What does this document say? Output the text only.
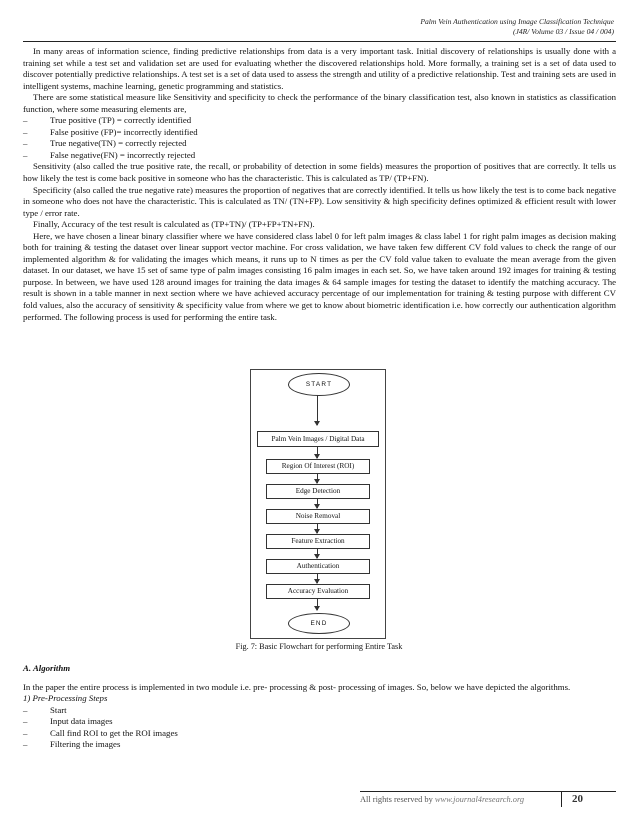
Palm Vein Authentication using Image Classification Technique
(J4R/ Volume 03 / Issue 04 / 004)

In many areas of information science, finding predictive relationships from data is a very important task. Initial discovery of relationships is usually done with a training set while a test set and validation set are used for evaluating whether the discovered relationships hold. More formally, a training set is a set of data used to discover potentially predictive relationships. A test set is a set of data used to assess the strength and utility of a predictive relationship. Test and training sets are used in intelligent systems, machine learning, genetic programming and statistics.

There are some statistical measure like Sensitivity and specificity to check the performance of the binary classification test, also known in statistics as classification function, where some measuring elements are,

–	True positive (TP) = correctly identified
–	False positive (FP)= incorrectly identified
–	True negative(TN) = correctly rejected
–	False negative(FN) = incorrectly rejected

Sensitivity (also called the true positive rate, the recall, or probability of detection in some fields) measures the proportion of positives that are correctly. It tells us how likely the test is come back positive in someone who has the characteristic. This is calculated as TP/ (TP+FN).

Specificity (also called the true negative rate) measures the proportion of negatives that are correctly identified. It tells us how likely the test is to come back negative in someone who does not have the characteristic. This is calculated as TN/ (TN+FP). Low sensitivity & high specificity defines optimized & efficient result with lower type / error rate.

Finally, Accuracy of the test result is calculated as (TP+TN)/ (TP+FP+TN+FN).

Here, we have chosen a linear binary classifier where we have considered class label 0 for left palm images & class label 1 for right palm images as decision making both for training & testing the dataset over linear support vector machine. For cross validation, we have taken few different CV fold values to check the range of our implemented algorithm & for validating the images which means, it runs up to N times as per the CV fold value taken to evaluate the mean average from the given dataset. In our dataset, we have 15 set of same type of palm images consisting 16 palm images in each set. So, we have taken around 192 images for training & testing purpose. In between, we have used 128 around images for training the data images & 64 sample images for testing the dataset to identify the matching accuracy. The result is shown in a table manner in next section where we have achieved accuracy percentage of our implementation for training & testing purpose with different CV fold values, also the accuracy of sensitivity & specificity value from where we get to know about biometric identification i.e. how correctly our authentication algorithm performed. The following process is used for performing the entire task.

START
Palm Vein Images / Digital Data
Region Of Interest (ROI)
Edge Detection
Noise Removal
Feature Extraction
Authentication
Accuracy Evaluation
END
Fig. 7: Basic Flowchart for performing Entire Task
A. Algorithm

In the paper the entire process is implemented in two module i.e. pre- processing & post- processing of images. So, below we have depicted the algorithms.

1) Pre-Processing Steps

–	Start
–	Input data images
–	Call find ROI to get the ROI images
–	Filtering the images
All rights reserved by www.journal4research.org	20
